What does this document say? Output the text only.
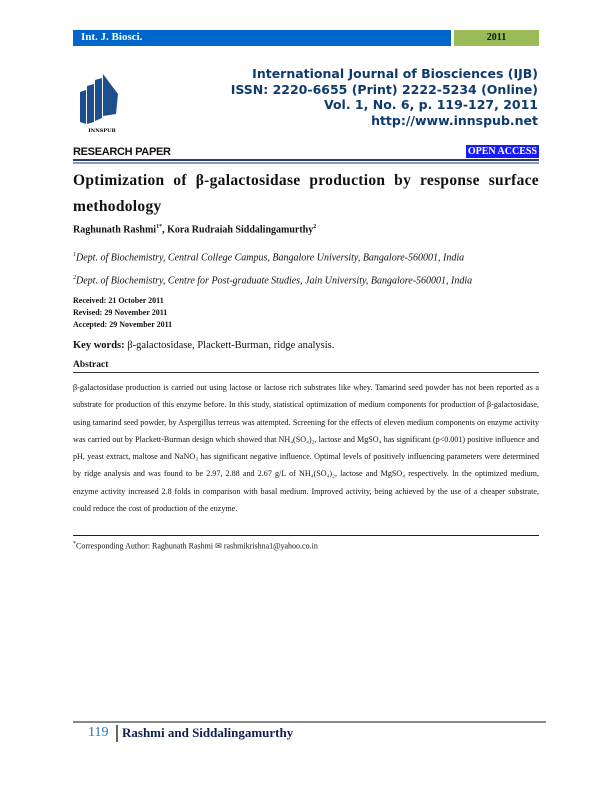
Int. J. Biosci.	2011
INNSPUB
International Journal of Biosciences (IJB)
ISSN: 2220-6655 (Print) 2222-5234 (Online)
Vol. 1, No. 6, p. 119-127, 2011
http://www.innspub.net
RESEARCH PAPER	OPEN ACCESS
Optimization of β-galactosidase production by response surface methodology
Raghunath Rashmi$^{1*}$, Kora Rudraiah Siddalingamurthy$^2$
$^1$Dept. of Biochemistry, Central College Campus, Bangalore University, Bangalore-560001, India
$^2$Dept. of Biochemistry, Centre for Post-graduate Studies, Jain University, Bangalore-560001, India
Received: 21 October 2011
Revised: 29 November 2011
Accepted: 29 November 2011
Key words: β-galactosidase, Plackett-Burman, ridge analysis.
Abstract
β-galactosidase production is carried out using lactose or lactose rich substrates like whey. Tamarind seed powder has not been reported as a substrate for production of this enzyme before. In this study, statistical optimization of medium components for production of β-galactosidase, using tamarind seed powder, by Aspergillus terreus was attempted. Screening for the effects of eleven medium components on enzyme activity was carried out by Plackett-Burman design which showed that NH₄(SO₄)₂, lactose and MgSO₄ has significant (p<0.001) positive influence and pH, yeast extract, maltose and NaNO₃ has significant negative influence. Optimal levels of positively influencing parameters were determined by ridge analysis and was found to be 2.97, 2.88 and 2.67 g/L of NH₄(SO₄)₂, lactose and MgSO₄ respectively. In the optimized medium, enzyme activity increased 2.8 folds in comparison with basal medium. Improved activity, being achieved by the use of a cheaper substrate, could reduce the cost of production of the enzyme.
*Corresponding Author: Raghunath Rashmi ✉ rashmikrishna1@yahoo.co.in
119 Rashmi and Siddalingamurthy
